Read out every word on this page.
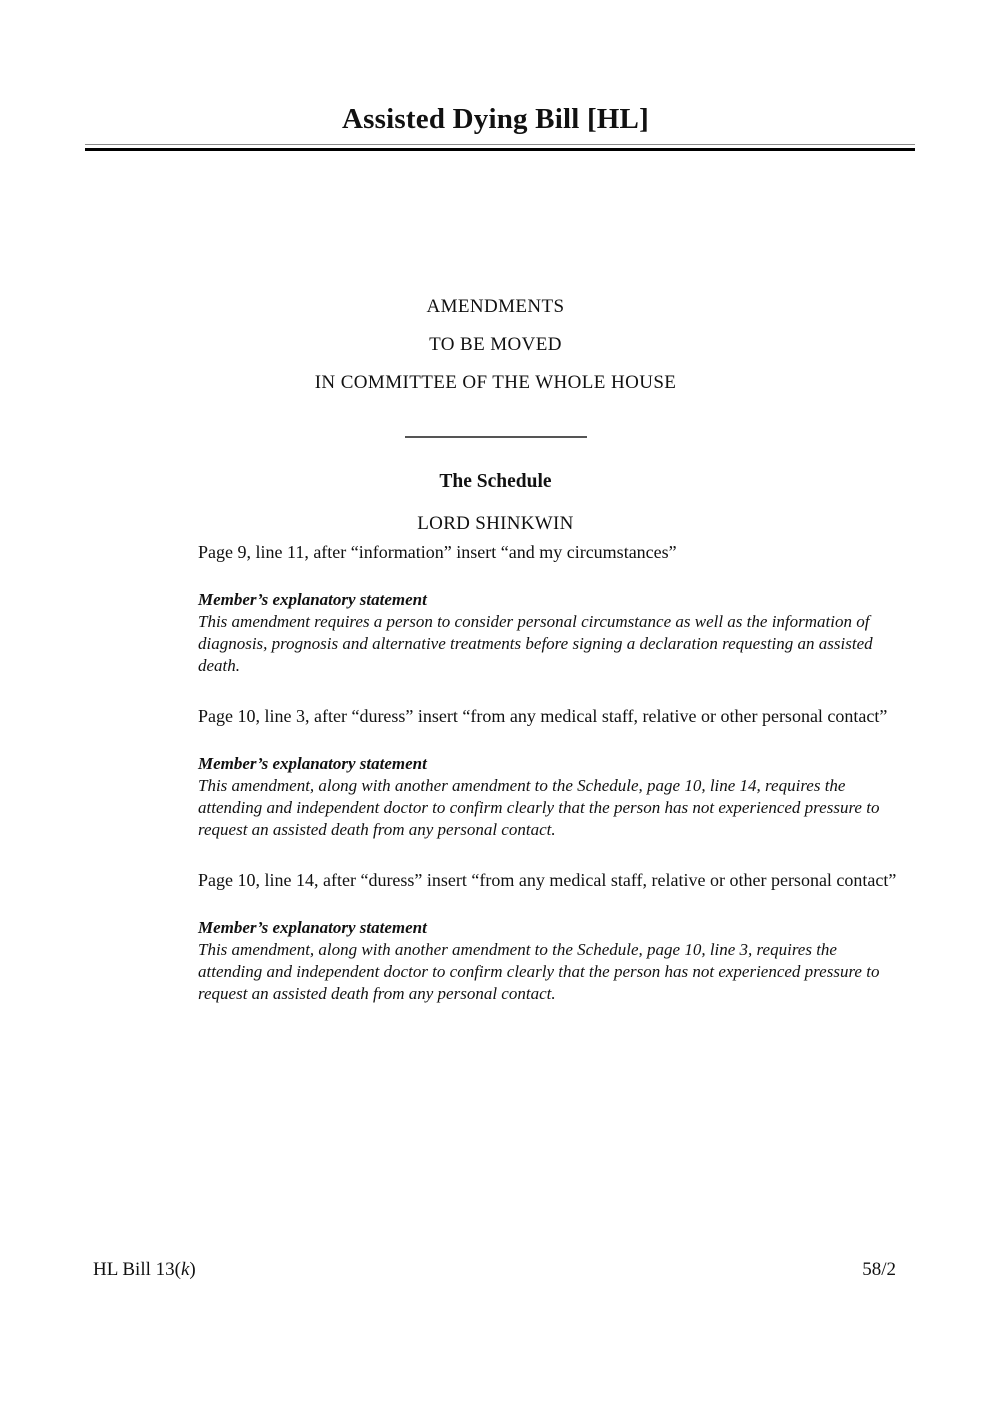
Assisted Dying Bill [HL]
AMENDMENTS
TO BE MOVED
IN COMMITTEE OF THE WHOLE HOUSE
The Schedule
LORD SHINKWIN
Page 9, line 11, after “information” insert “and my circumstances”
Member’s explanatory statement
This amendment requires a person to consider personal circumstance as well as the information of diagnosis, prognosis and alternative treatments before signing a declaration requesting an assisted death.
Page 10, line 3, after “duress” insert “from any medical staff, relative or other personal contact”
Member’s explanatory statement
This amendment, along with another amendment to the Schedule, page 10, line 14, requires the attending and independent doctor to confirm clearly that the person has not experienced pressure to request an assisted death from any personal contact.
Page 10, line 14, after “duress” insert “from any medical staff, relative or other personal contact”
Member’s explanatory statement
This amendment, along with another amendment to the Schedule, page 10, line 3, requires the attending and independent doctor to confirm clearly that the person has not experienced pressure to request an assisted death from any personal contact.
HL Bill 13(k)	58/2
